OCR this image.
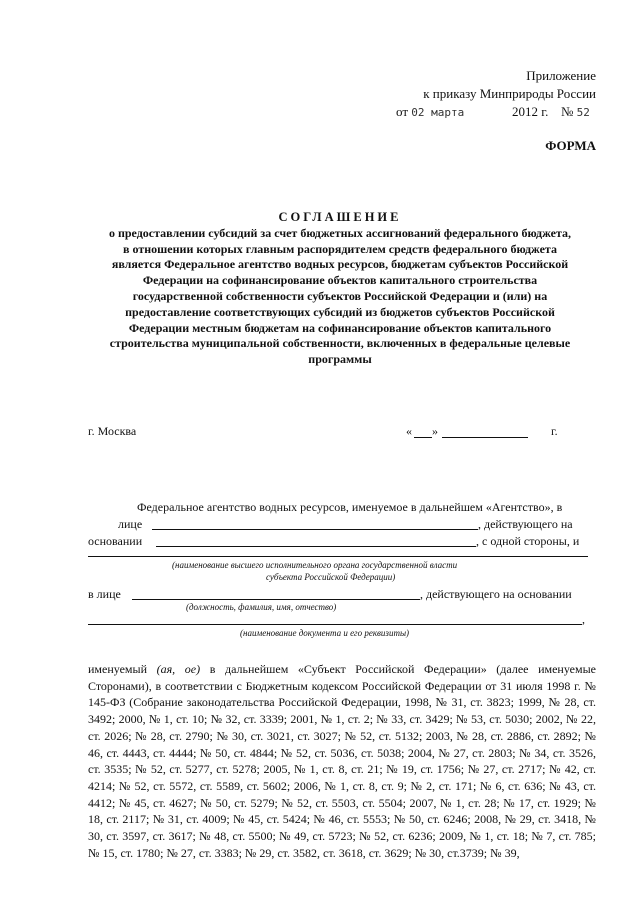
Приложение
к приказу Минприроды России
от 02 марта	2012 г. № 52
ФОРМА
СОГЛАШЕНИЕ
о предоставлении субсидий за счет бюджетных ассигнований федерального бюджета,
в отношении которых главным распорядителем средств федерального бюджета
является Федеральное агентство водных ресурсов, бюджетам субъектов Российской
Федерации на софинансирование объектов капитального строительства
государственной собственности субъектов Российской Федерации и (или) на
предоставление соответствующих субсидий из бюджетов субъектов Российской
Федерации местным бюджетам на софинансирование объектов капитального
строительства муниципальной собственности, включенных в федеральные целевые
программы
г. Москва	« »	г.
Федеральное агентство водных ресурсов, именуемое в дальнейшем «Агентство», в
лице	, действующего на
основании	, с одной стороны, и
(наименование высшего исполнительного органа государственной власти
субъекта Российской Федерации)
в лице	, действующего на основании
(должность, фамилия, имя, отчество)
,
(наименование документа и его реквизиты)

именуемый (ая, ое) в дальнейшем «Субъект Российской Федерации» (далее именуемые Сторонами), в соответствии с Бюджетным кодексом Российской Федерации от 31 июля 1998 г. № 145-ФЗ (Собрание законодательства Российской Федерации, 1998, № 31, ст. 3823; 1999, № 28, ст. 3492; 2000, № 1, ст. 10; № 32, ст. 3339; 2001, № 1, ст. 2; № 33, ст. 3429; № 53, ст. 5030; 2002, № 22, ст. 2026; № 28, ст. 2790; № 30, ст. 3021, ст. 3027; № 52, ст. 5132; 2003, № 28, ст. 2886, ст. 2892; № 46, ст. 4443, ст. 4444; № 50, ст. 4844; № 52, ст. 5036, ст. 5038; 2004, № 27, ст. 2803; № 34, ст. 3526, ст. 3535; № 52, ст. 5277, ст. 5278; 2005, № 1, ст. 8, ст. 21; № 19, ст. 1756; № 27, ст. 2717; № 42, ст. 4214; № 52, ст. 5572, ст. 5589, ст. 5602; 2006, № 1, ст. 8, ст. 9; № 2, ст. 171; № 6, ст. 636; № 43, ст. 4412; № 45, ст. 4627; № 50, ст. 5279; № 52, ст. 5503, ст. 5504; 2007, № 1, ст. 28; № 17, ст. 1929; № 18, ст. 2117; № 31, ст. 4009; № 45, ст. 5424; № 46, ст. 5553; № 50, ст. 6246; 2008, № 29, ст. 3418, № 30, ст. 3597, ст. 3617; № 48, ст. 5500; № 49, ст. 5723; № 52, ст. 6236; 2009, № 1, ст. 18; № 7, ст. 785; № 15, ст. 1780; № 27, ст. 3383; № 29, ст. 3582, ст. 3618, ст. 3629; № 30, ст.3739; № 39,
